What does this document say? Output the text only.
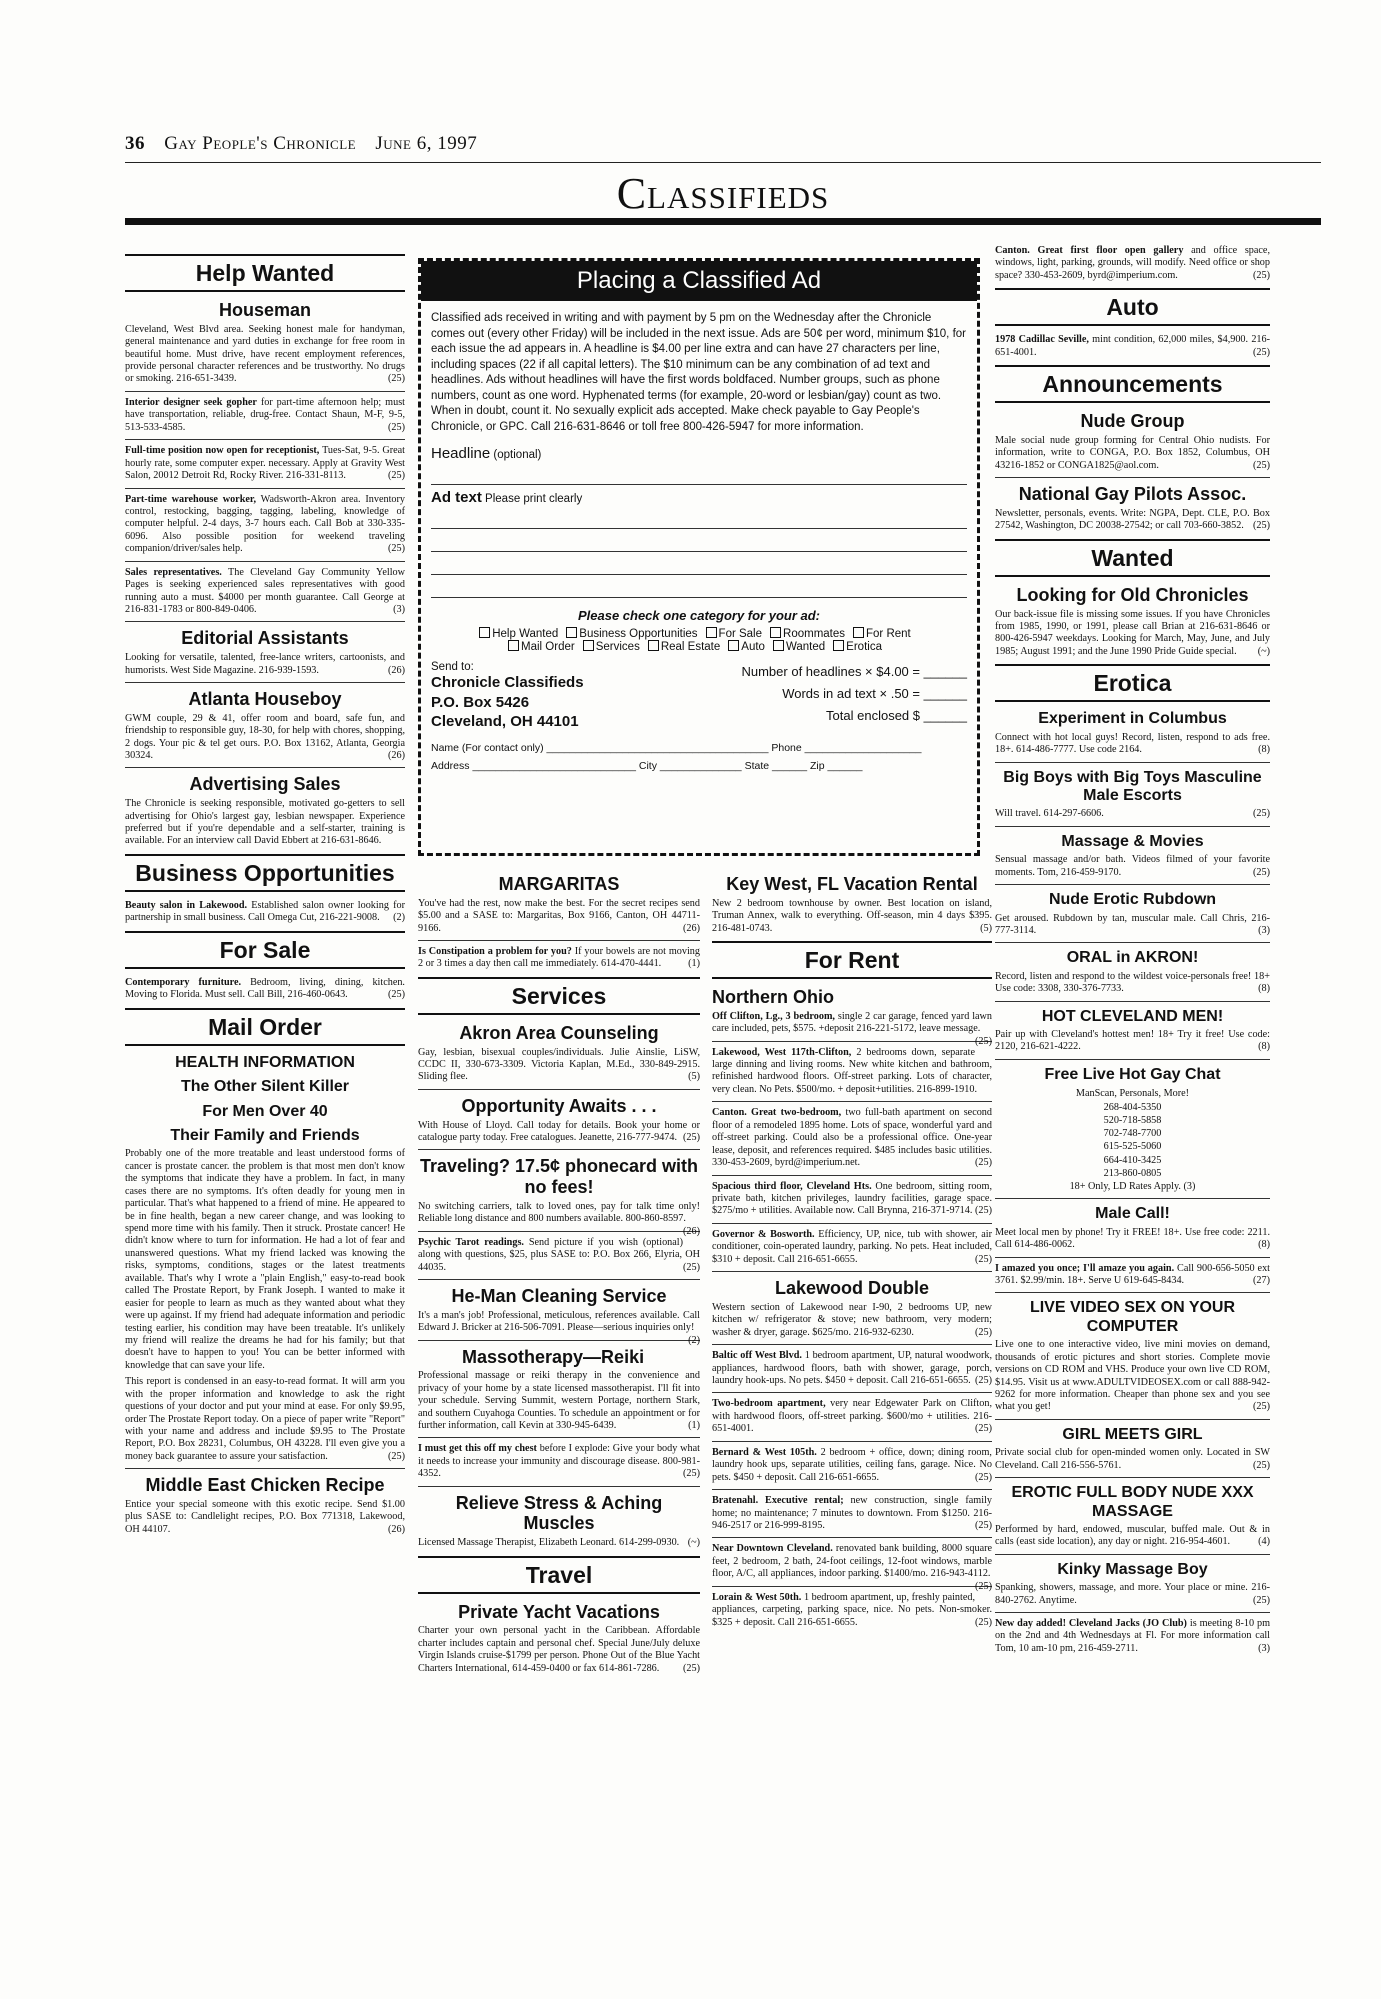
36 Gay People's Chronicle June 6, 1997
Classifieds
Help Wanted
Houseman

Cleveland, West Blvd area. Seeking honest male for handyman, general maintenance and yard duties in exchange for free room in beautiful home. Must drive, have recent employment references, provide personal character references and be trustworthy. No drugs or smoking. 216-651-3439.	(25)

Interior designer seek gopher for part-time afternoon help; must have transportation, reliable, drug-free. Contact Shaun, M-F, 9-5, 513-533-4585.	(25)

Full-time position now open for receptionist, Tues-Sat, 9-5. Great hourly rate, some computer exper. necessary. Apply at Gravity West Salon, 20012 Detroit Rd, Rocky River. 216-331-8113.	(25)

Part-time warehouse worker, Wadsworth-Akron area. Inventory control, restocking, bagging, tagging, labeling, knowledge of computer helpful. 2-4 days, 3-7 hours each. Call Bob at 330-335-6096. Also possible position for weekend traveling companion/driver/sales help.	(25)

Sales representatives. The Cleveland Gay Community Yellow Pages is seeking experienced sales representatives with good running auto a must. $4000 per month guarantee. Call George at 216-831-1783 or 800-849-0406.	(3)

Editorial Assistants

Looking for versatile, talented, free-lance writers, cartoonists, and humorists. West Side Magazine. 216-939-1593.	(26)

Atlanta Houseboy

GWM couple, 29 & 41, offer room and board, safe fun, and friendship to responsible guy, 18-30, for help with chores, shopping, 2 dogs. Your pic & tel get ours. P.O. Box 13162, Atlanta, Georgia 30324.	(26)

Advertising Sales

The Chronicle is seeking responsible, motivated go-getters to sell advertising for Ohio's largest gay, lesbian newspaper. Experience preferred but if you're dependable and a self-starter, training is available. For an interview call David Ebbert at 216-631-8646.

Business Opportunities

Beauty salon in Lakewood. Established salon owner looking for partnership in small business. Call Omega Cut, 216-221-9008. (2)

For Sale

Contemporary furniture. Bedroom, living, dining, kitchen. Moving to Florida. Must sell. Call Bill, 216-460-0643.	(25)

Mail Order
HEALTH INFORMATION
The Other Silent Killer
For Men Over 40
Their Family and Friends

Probably one of the more treatable and least understood forms of cancer is prostate cancer. the problem is that most men don't know the symptoms that indicate they have a problem. In fact, in many cases there are no symptoms. It's often deadly for young men in particular. That's what happened to a friend of mine. He appeared to be in fine health, began a new career change, and was looking to spend more time with his family. Then it struck. Prostate cancer! He didn't know where to turn for information. He had a lot of fear and unanswered questions. What my friend lacked was knowing the risks, symptoms, conditions, stages or the latest treatments available. That's why I wrote a "plain English," easy-to-read book called The Prostate Report, by Frank Joseph. I wanted to make it easier for people to learn as much as they wanted about what they were up against. If my friend had adequate information and periodic testing earlier, his condition may have been treatable. It's unlikely my friend will realize the dreams he had for his family; but that doesn't have to happen to you! You can be better informed with knowledge that can save your life.

This report is condensed in an easy-to-read format. It will arm you with the proper information and knowledge to ask the right questions of your doctor and put your mind at ease. For only $9.95, order The Prostate Report today. On a piece of paper write "Report" with your name and address and include $9.95 to The Prostate Report, P.O. Box 28231, Columbus, OH 43228. I'll even give you a money back guarantee to assure your satisfaction.	(25)

Middle East Chicken Recipe

Entice your special someone with this exotic recipe. Send $1.00 plus SASE to: Candlelight recipes, P.O. Box 771318, Lakewood, OH 44107.	(26)

Placing a Classified Ad

Classified ads received in writing and with payment by 5 pm on the Wednesday after the Chronicle comes out (every other Friday) will be included in the next issue. Ads are 50¢ per word, minimum $10, for each issue the ad appears in. A headline is $4.00 per line extra and can have 27 characters per line, including spaces (22 if all capital letters). The $10 minimum can be any combination of ad text and headlines. Ads without headlines will have the first words boldfaced. Number groups, such as phone numbers, count as one word. Hyphenated terms (for example, 20-word or lesbian/gay) count as two. When in doubt, count it. No sexually explicit ads accepted. Make check payable to Gay People's Chronicle, or GPC. Call 216-631-8646 or toll free 800-426-5947 for more information.

Headline (optional)
Ad text Please print clearly
Please check one category for your ad:
Help Wanted Business Opportunities For Sale Roommates For Rent
Mail Order Services Real Estate Auto Wanted Erotica
Send to:
Chronicle Classifieds
P.O. Box 5426
Cleveland, OH 44101
Number of headlines × $4.00 = ______
Words in ad text × .50 = ______
Total enclosed $ ______
Name (For contact only) ______________________________________ Phone ____________________
Address ____________________________ City ______________ State ______ Zip ______
MARGARITAS

You've had the rest, now make the best. For the secret recipes send $5.00 and a SASE to: Margaritas, Box 9166, Canton, OH 44711-9166.	(26)

Is Constipation a problem for you? If your bowels are not moving 2 or 3 times a day then call me immediately. 614-470-4441.	(1)

Services
Akron Area Counseling

Gay, lesbian, bisexual couples/individuals. Julie Ainslie, LiSW, CCDC II, 330-673-3309. Victoria Kaplan, M.Ed., 330-849-2915. Sliding flee.	(5)

Opportunity Awaits . . .

With House of Lloyd. Call today for details. Book your home or catalogue party today. Free catalogues. Jeanette, 216-777-9474. (25)

Traveling? 17.5¢ phonecard with no fees!

No switching carriers, talk to loved ones, pay for talk time only! Reliable long distance and 800 numbers available. 800-860-8597.
(26)

Psychic Tarot readings. Send picture if you wish (optional) along with questions, $25, plus SASE to: P.O. Box 266, Elyria, OH 44035.	(25)

He-Man Cleaning Service

It's a man's job! Professional, meticulous, references available. Call Edward J. Bricker at 216-506-7091. Please—serious inquiries only!
(2)

Massotherapy—Reiki

Professional massage or reiki therapy in the convenience and privacy of your home by a state licensed massotherapist. I'll fit into your schedule. Serving Summit, western Portage, northern Stark, and southern Cuyahoga Counties. To schedule an appointment or for further information, call Kevin at 330-945-6439.	(1)

I must get this off my chest before I explode: Give your body what it needs to increase your immunity and discourage disease. 800-981-4352.	(25)

Relieve Stress & Aching Muscles

Licensed Massage Therapist, Elizabeth Leonard. 614-299-0930. (~)

Travel
Private Yacht Vacations

Charter your own personal yacht in the Caribbean. Affordable charter includes captain and personal chef. Special June/July deluxe Virgin Islands cruise-$1799 per person. Phone Out of the Blue Yacht Charters International, 614-459-0400 or fax 614-861-7286. (25)

Key West, FL Vacation Rental

New 2 bedroom townhouse by owner. Best location on island, Truman Annex, walk to everything. Off-season, min 4 days $395. 216-481-0743.	(5)

For Rent
Northern Ohio

Off Clifton, Lg., 3 bedroom, single 2 car garage, fenced yard lawn care included, pets, $575. +deposit 216-221-5172, leave message.
(25)

Lakewood, West 117th-Clifton, 2 bedrooms down, separate large dinning and living rooms. New white kitchen and bathroom, refinished hardwood floors. Off-street parking. Lots of character, very clean. No Pets. $500/mo. + deposit+utilities. 216-899-1910.

Canton. Great two-bedroom, two full-bath apartment on second floor of a remodeled 1895 home. Lots of space, wonderful yard and off-street parking. Could also be a professional office. One-year lease, deposit, and references required. $485 includes basic utilities. 330-453-2609, byrd@imperium.net.	(25)

Spacious third floor, Cleveland Hts. One bedroom, sitting room, private bath, kitchen privileges, laundry facilities, garage space. $275/mo + utilities. Available now. Call Brynna, 216-371-9714. (25)

Governor & Bosworth. Efficiency, UP, nice, tub with shower, air conditioner, coin-operated laundry, parking. No pets. Heat included, $310 + deposit. Call 216-651-6655.	(25)

Lakewood Double

Western section of Lakewood near I-90, 2 bedrooms UP, new kitchen w/ refrigerator & stove; new bathroom, very modern; washer & dryer, garage. $625/mo. 216-932-6230.	(25)

Baltic off West Blvd. 1 bedroom apartment, UP, natural woodwork, appliances, hardwood floors, bath with shower, garage, porch, laundry hook-ups. No pets. $450 + deposit. Call 216-651-6655. (25)

Two-bedroom apartment, very near Edgewater Park on Clifton, with hardwood floors, off-street parking. $600/mo + utilities. 216-651-4001.	(25)

Bernard & West 105th. 2 bedroom + office, down; dining room, laundry hook ups, separate utilities, ceiling fans, garage. Nice. No pets. $450 + deposit. Call 216-651-6655.	(25)

Bratenahl. Executive rental; new construction, single family home; no maintenance; 7 minutes to downtown. From $1250. 216-946-2517 or 216-999-8195.	(25)

Near Downtown Cleveland. renovated bank building, 8000 square feet, 2 bedroom, 2 bath, 24-foot ceilings, 12-foot windows, marble floor, A/C, all appliances, indoor parking. $1400/mo. 216-943-4112.
(25)

Lorain & West 50th. 1 bedroom apartment, up, freshly painted, appliances, carpeting, parking space, nice. No pets. Non-smoker. $325 + deposit. Call 216-651-6655.	(25)

Canton. Great first floor open gallery and office space, windows, light, parking, grounds, will modify. Need office or shop space? 330-453-2609, byrd@imperium.com.	(25)

Auto

1978 Cadillac Seville, mint condition, 62,000 miles, $4,900. 216-651-4001.	(25)

Announcements
Nude Group

Male social nude group forming for Central Ohio nudists. For information, write to CONGA, P.O. Box 1852, Columbus, OH 43216-1852 or CONGA1825@aol.com.	(25)

National Gay Pilots Assoc.

Newsletter, personals, events. Write: NGPA, Dept. CLE, P.O. Box 27542, Washington, DC 20038-27542; or call 703-660-3852. (25)

Wanted
Looking for Old Chronicles

Our back-issue file is missing some issues. If you have Chronicles from 1985, 1990, or 1991, please call Brian at 216-631-8646 or 800-426-5947 weekdays. Looking for March, May, June, and July 1985; August 1991; and the June 1990 Pride Guide special. (~)

Erotica
Experiment in Columbus

Connect with hot local guys! Record, listen, respond to ads free. 18+. 614-486-7777. Use code 2164.	(8)

Big Boys with Big Toys Masculine Male Escorts

Will travel. 614-297-6606.	(25)

Massage & Movies

Sensual massage and/or bath. Videos filmed of your favorite moments. Tom, 216-459-9170.	(25)

Nude Erotic Rubdown

Get aroused. Rubdown by tan, muscular male. Call Chris, 216-777-3114.	(3)

ORAL in AKRON!

Record, listen and respond to the wildest voice-personals free! 18+ Use code: 3308, 330-376-7733.	(8)

HOT CLEVELAND MEN!

Pair up with Cleveland's hottest men! 18+ Try it free! Use code: 2120, 216-621-4222.	(8)

Free Live Hot Gay Chat
ManScan, Personals, More!
268-404-5350
520-718-5858
702-748-7700
615-525-5060
664-410-3425
213-860-0805
18+ Only, LD Rates Apply. (3)
Male Call!

Meet local men by phone! Try it FREE! 18+. Use free code: 2211. Call 614-486-0062.	(8)

I amazed you once; I'll amaze you again. Call 900-656-5050 ext 3761. $2.99/min. 18+. Serve U 619-645-8434.	(27)

LIVE VIDEO SEX ON YOUR COMPUTER

Live one to one interactive video, live mini movies on demand, thousands of erotic pictures and short stories. Complete movie versions on CD ROM and VHS. Produce your own live CD ROM, $14.95. Visit us at www.ADULTVIDEOSEX.com or call 888-942-9262 for more information. Cheaper than phone sex and you see what you get!	(25)

GIRL MEETS GIRL

Private social club for open-minded women only. Located in SW Cleveland. Call 216-556-5761.	(25)

EROTIC FULL BODY NUDE XXX MASSAGE

Performed by hard, endowed, muscular, buffed male. Out & in calls (east side location), any day or night. 216-954-4601.	(4)

Kinky Massage Boy

Spanking, showers, massage, and more. Your place or mine. 216-840-2762. Anytime.	(25)

New day added! Cleveland Jacks (JO Club) is meeting 8-10 pm on the 2nd and 4th Wednesdays at Fl. For more information call Tom, 10 am-10 pm, 216-459-2711.	(3)
